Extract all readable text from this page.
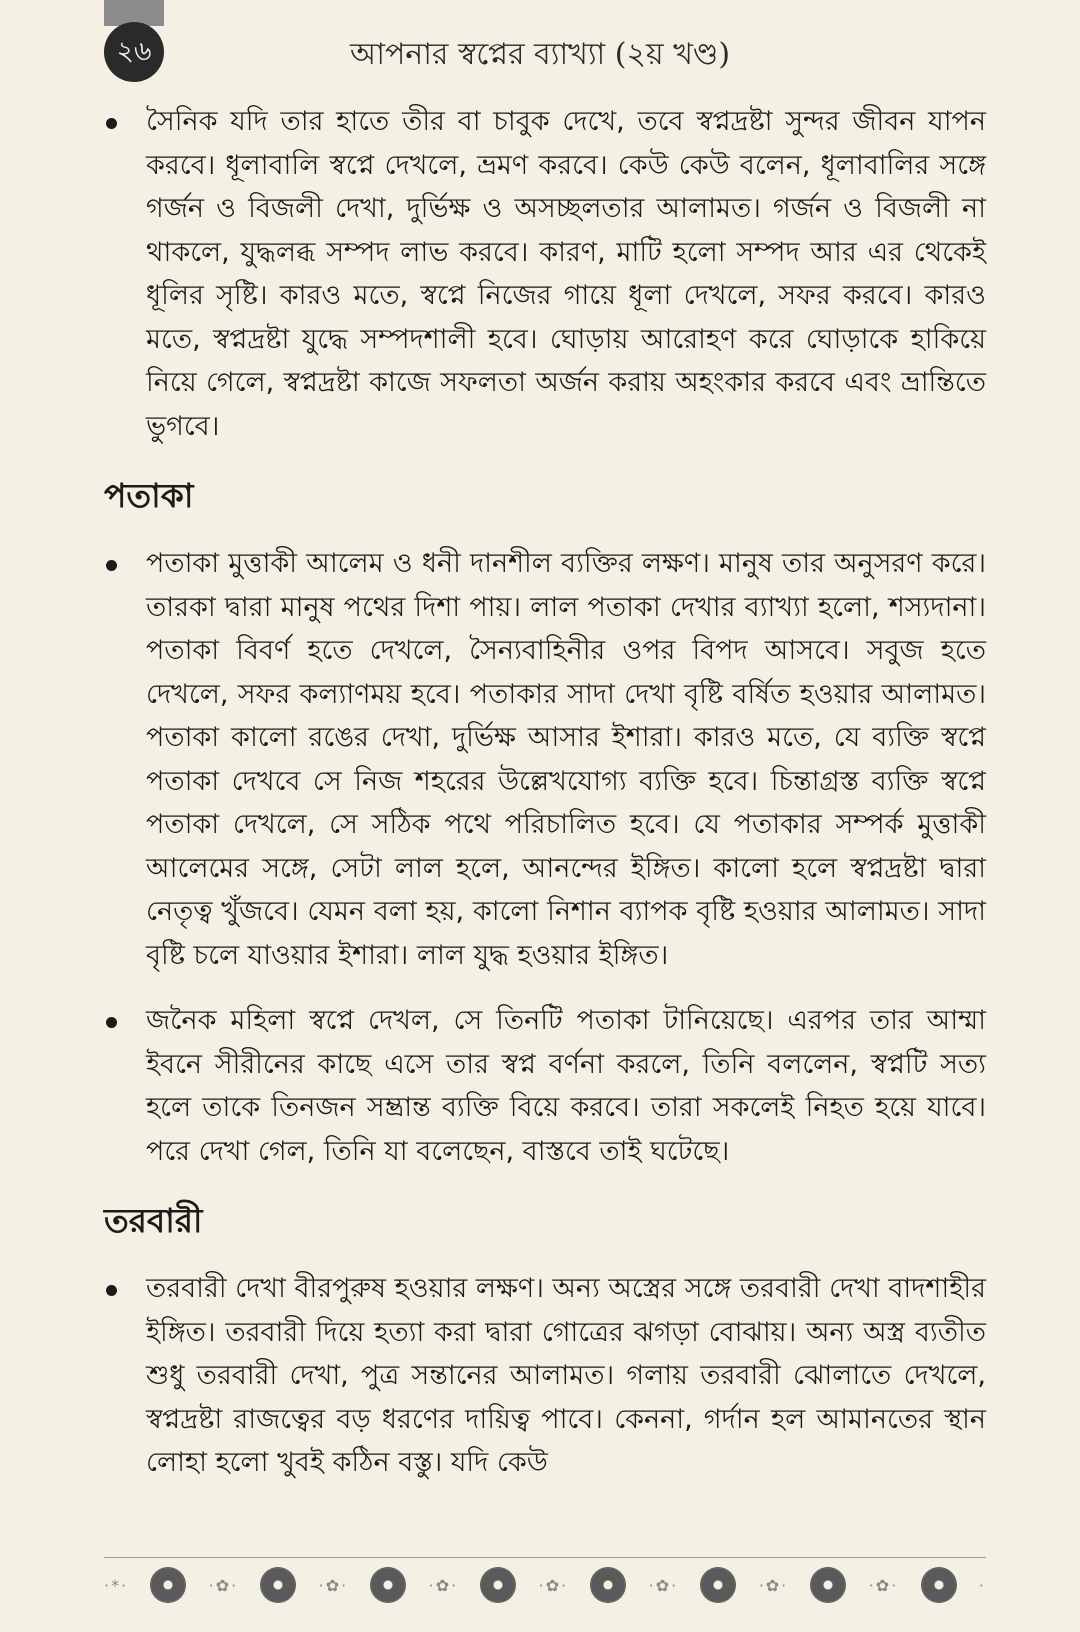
২৬	আপনার স্বপ্নের ব্যাখ্যা (২য় খণ্ড)
সৈনিক যদি তার হাতে তীর বা চাবুক দেখে, তবে স্বপ্নদ্রষ্টা সুন্দর জীবন যাপন করবে। ধূলাবালি স্বপ্নে দেখলে, ভ্রমণ করবে। কেউ কেউ বলেন, ধূলাবালির সঙ্গে গর্জন ও বিজলী দেখা, দুর্ভিক্ষ ও অসচ্ছলতার আলামত। গর্জন ও বিজলী না থাকলে, যুদ্ধলব্ধ সম্পদ লাভ করবে। কারণ, মাটি হলো সম্পদ আর এর থেকেই ধূলির সৃষ্টি। কারও মতে, স্বপ্নে নিজের গায়ে ধূলা দেখলে, সফর করবে। কারও মতে, স্বপ্নদ্রষ্টা যুদ্ধে সম্পদশালী হবে। ঘোড়ায় আরোহণ করে ঘোড়াকে হাকিয়ে নিয়ে গেলে, স্বপ্নদ্রষ্টা কাজে সফলতা অর্জন করায় অহংকার করবে এবং ভ্রান্তিতে ভুগবে।
পতাকা
পতাকা মুত্তাকী আলেম ও ধনী দানশীল ব্যক্তির লক্ষণ। মানুষ তার অনুসরণ করে। তারকা দ্বারা মানুষ পথের দিশা পায়। লাল পতাকা দেখার ব্যাখ্যা হলো, শস্যদানা। পতাকা বিবর্ণ হতে দেখলে, সৈন্যবাহিনীর ওপর বিপদ আসবে। সবুজ হতে দেখলে, সফর কল্যাণময় হবে। পতাকার সাদা দেখা বৃষ্টি বর্ষিত হওয়ার আলামত। পতাকা কালো রঙের দেখা, দুর্ভিক্ষ আসার ইশারা। কারও মতে, যে ব্যক্তি স্বপ্নে পতাকা দেখবে সে নিজ শহরের উল্লেখযোগ্য ব্যক্তি হবে। চিন্তাগ্রস্ত ব্যক্তি স্বপ্নে পতাকা দেখলে, সে সঠিক পথে পরিচালিত হবে। যে পতাকার সম্পর্ক মুত্তাকী আলেমের সঙ্গে, সেটা লাল হলে, আনন্দের ইঙ্গিত। কালো হলে স্বপ্নদ্রষ্টা দ্বারা নেতৃত্ব খুঁজবে। যেমন বলা হয়, কালো নিশান ব্যাপক বৃষ্টি হওয়ার আলামত। সাদা বৃষ্টি চলে যাওয়ার ইশারা। লাল যুদ্ধ হওয়ার ইঙ্গিত।
জনৈক মহিলা স্বপ্নে দেখল, সে তিনটি পতাকা টানিয়েছে। এরপর তার আম্মা ইবনে সীরীনের কাছে এসে তার স্বপ্ন বর্ণনা করলে, তিনি বললেন, স্বপ্নটি সত্য হলে তাকে তিনজন সম্ভ্রান্ত ব্যক্তি বিয়ে করবে। তারা সকলেই নিহত হয়ে যাবে। পরে দেখা গেল, তিনি যা বলেছেন, বাস্তবে তাই ঘটেছে।
তরবারী
তরবারী দেখা বীরপুরুষ হওয়ার লক্ষণ। অন্য অস্ত্রের সঙ্গে তরবারী দেখা বাদশাহীর ইঙ্গিত। তরবারী দিয়ে হত্যা করা দ্বারা গোত্রের ঝগড়া বোঝায়। অন্য অস্ত্র ব্যতীত শুধু তরবারী দেখা, পুত্র সন্তানের আলামত। গলায় তরবারী ঝোলাতে দেখলে, স্বপ্নদ্রষ্টা রাজত্বের বড় ধরণের দায়িত্ব পাবে। কেননা, গর্দান হল আমানতের স্থান লোহা হলো খুবই কঠিন বস্তু। যদি কেউ
·*·	·✿·	·✿·	·✿·	·✿·	·✿·	·✿·	·✿·	·
